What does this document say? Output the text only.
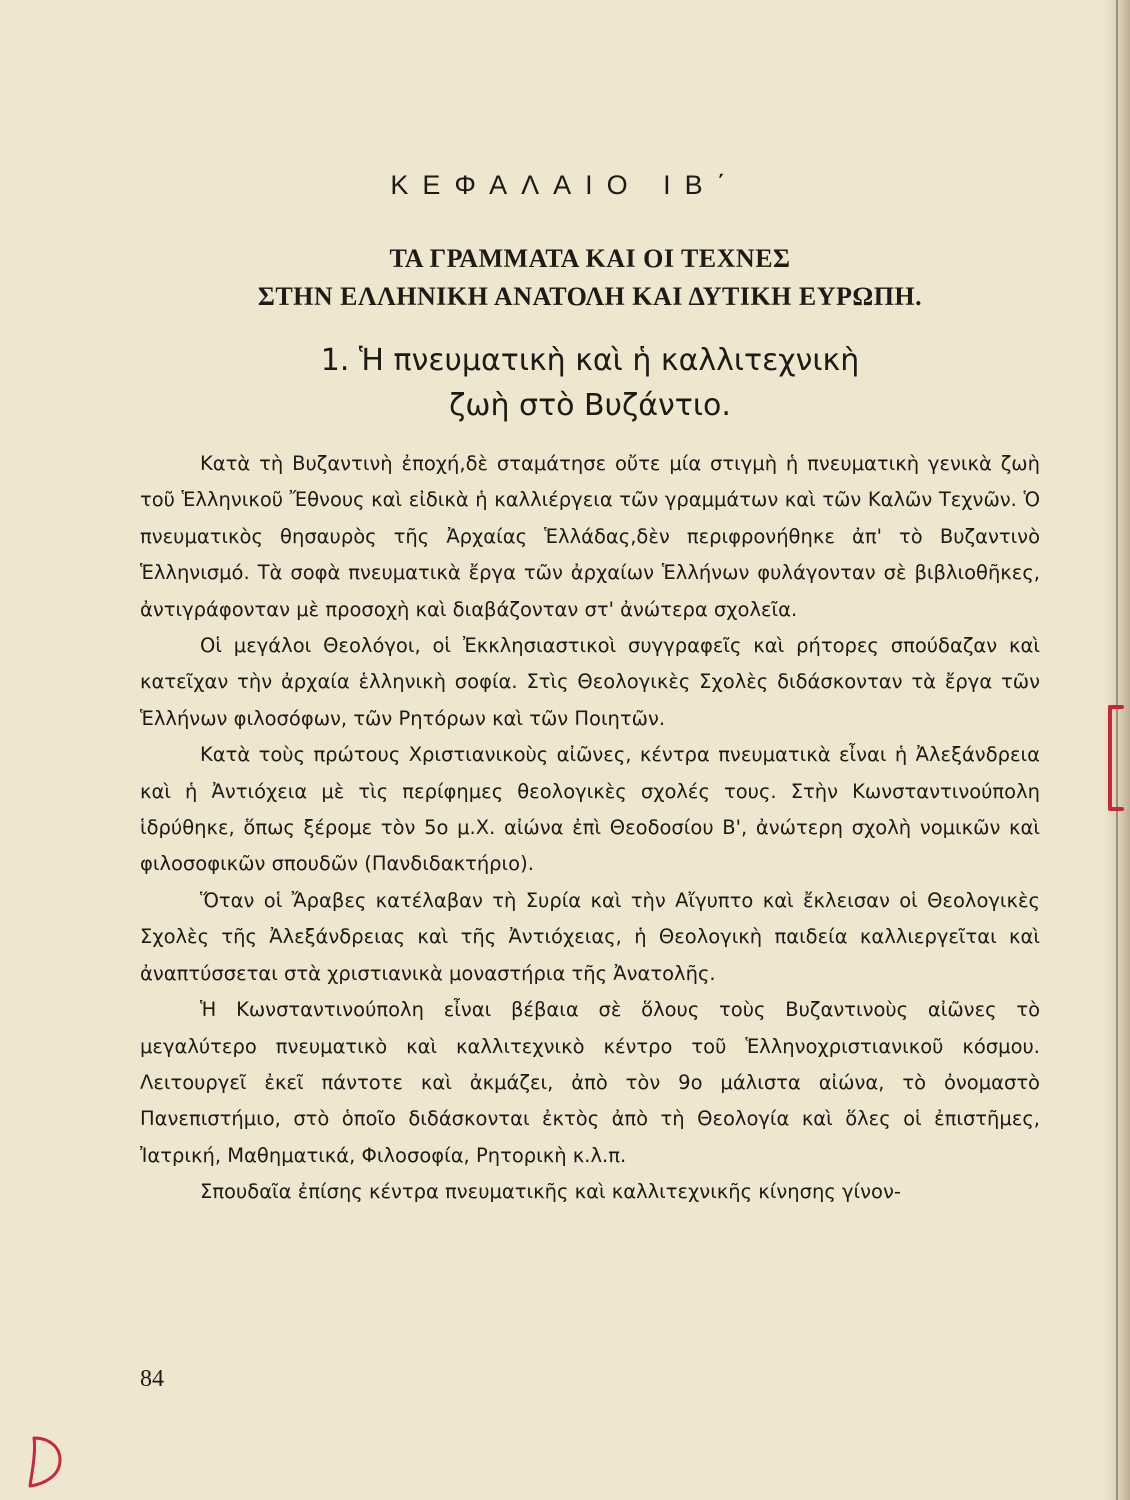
ΚΕΦΑΛΑΙΟ ΙΒ΄
ΤΑ ΓΡΑΜΜΑΤΑ ΚΑΙ ΟΙ ΤΕΧΝΕΣ
ΣΤΗΝ ΕΛΛΗΝΙΚΗ ΑΝΑΤΟΛΗ ΚΑΙ ΔΥΤΙΚΗ ΕΥΡΩΠΗ.
1. Ἡ πνευματικὴ καὶ ἡ καλλιτεχνικὴ
ζωὴ στὸ Βυζάντιο.

Κατὰ τὴ Βυζαντινὴ ἐποχή,δὲ σταμάτησε οὔτε μία στιγμὴ ἡ πνευματικὴ γενικὰ ζωὴ τοῦ Ἑλληνικοῦ Ἔθνους καὶ εἰδικὰ ἡ καλλιέργεια τῶν γραμμάτων καὶ τῶν Καλῶν Τεχνῶν. Ὁ πνευματικὸς θησαυρὸς τῆς Ἀρχαίας Ἑλλάδας,δὲν περιφρονήθηκε ἀπ' τὸ Βυζαντινὸ Ἑλληνισμό. Τὰ σοφὰ πνευματικὰ ἔργα τῶν ἀρχαίων Ἑλλήνων φυλάγονταν σὲ βιβλιοθῆκες, ἀντιγράφονταν μὲ προσοχὴ καὶ διαβάζονταν στ' ἀνώτερα σχολεῖα.

Οἱ μεγάλοι Θεολόγοι, οἱ Ἐκκλησιαστικοὶ συγγραφεῖς καὶ ρήτορες σπούδαζαν καὶ κατεῖχαν τὴν ἀρχαία ἑλληνικὴ σοφία. Στὶς Θεολογικὲς Σχολὲς διδάσκονταν τὰ ἔργα τῶν Ἑλλήνων φιλοσόφων, τῶν Ρητόρων καὶ τῶν Ποιητῶν.

Κατὰ τοὺς πρώτους Χριστιανικοὺς αἰῶνες, κέντρα πνευματικὰ εἶναι ἡ Ἀλεξάνδρεια καὶ ἡ Ἀντιόχεια μὲ τὶς περίφημες θεολογικὲς σχολές τους. Στὴν Κωνσταντινούπολη ἱδρύθηκε, ὅπως ξέρομε τὸν 5ο μ.Χ. αἰώνα ἐπὶ Θεοδοσίου Β', ἀνώτερη σχολὴ νομικῶν καὶ φιλοσοφικῶν σπουδῶν (Πανδιδακτήριο).

Ὅταν οἱ Ἄραβες κατέλαβαν τὴ Συρία καὶ τὴν Αἴγυπτο καὶ ἔκλεισαν οἱ Θεολογικὲς Σχολὲς τῆς Ἀλεξάνδρειας καὶ τῆς Ἀντιόχειας, ἡ Θεολογικὴ παιδεία καλλιεργεῖται καὶ ἀναπτύσσεται στὰ χριστιανικὰ μοναστήρια τῆς Ἀνατολῆς.

Ἡ Κωνσταντινούπολη εἶναι βέβαια σὲ ὅλους τοὺς Βυζαντινοὺς αἰῶνες τὸ μεγαλύτερο πνευματικὸ καὶ καλλιτεχνικὸ κέντρο τοῦ Ἑλληνοχριστιανικοῦ κόσμου. Λειτουργεῖ ἐκεῖ πάντοτε καὶ ἀκμάζει, ἀπὸ τὸν 9ο μάλιστα αἰώνα, τὸ ὀνομαστὸ Πανεπιστήμιο, στὸ ὁποῖο διδάσκονται ἐκτὸς ἀπὸ τὴ Θεολογία καὶ ὅλες οἱ ἐπιστῆμες, Ἰατρική, Μαθηματικά, Φιλοσοφία, Ρητορικὴ κ.λ.π.

Σπουδαῖα ἐπίσης κέντρα πνευματικῆς καὶ καλλιτεχνικῆς κίνησης γίνον-

84
